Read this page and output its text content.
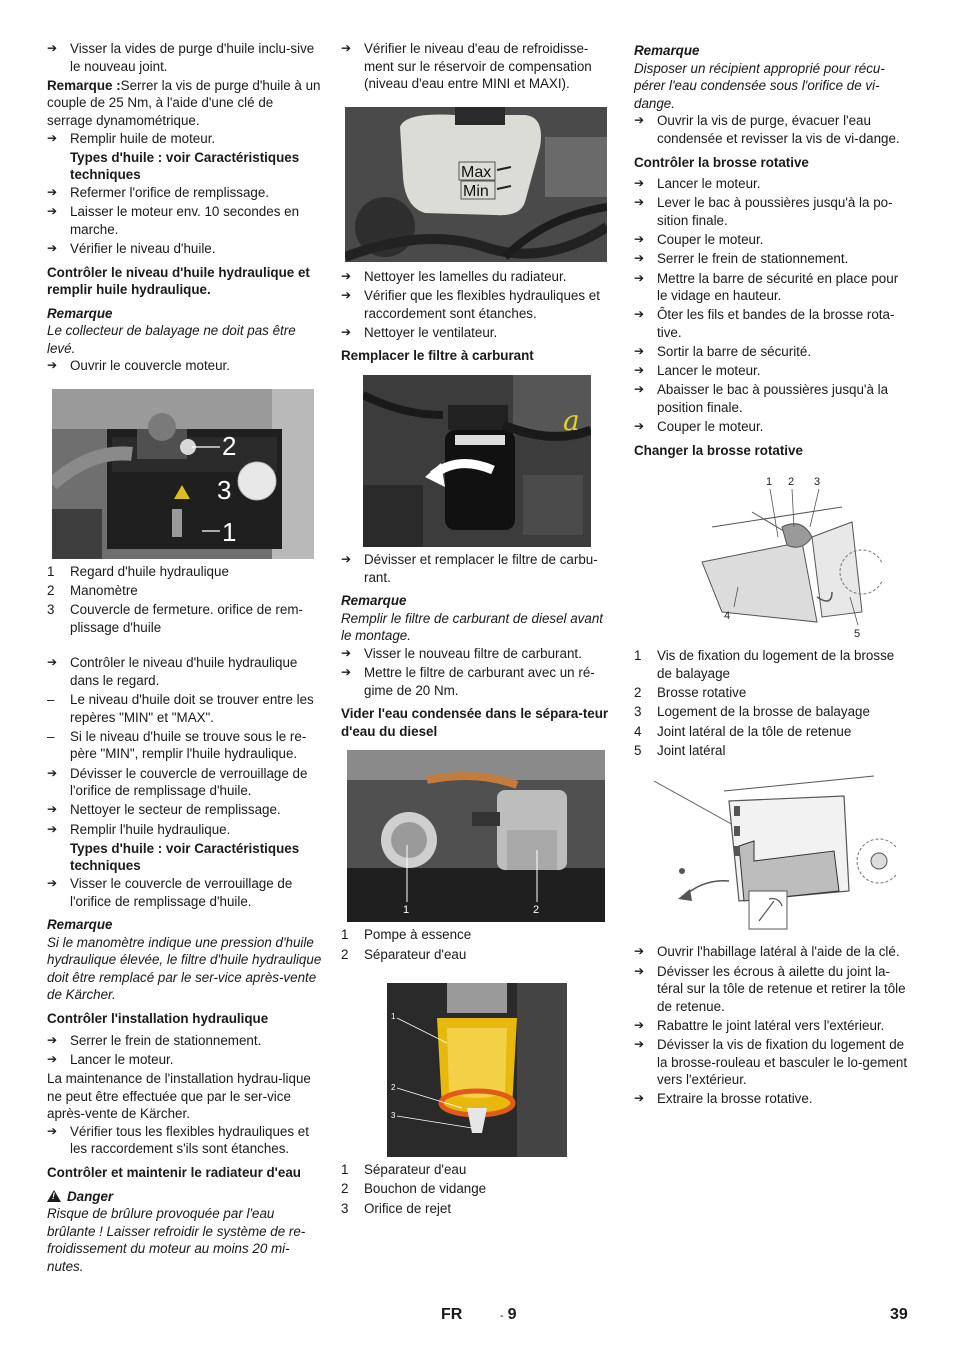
➔ Visser la vides de purge d'huile inclu-sive le nouveau joint.
Remarque :Serrer la vis de purge d'huile à un couple de 25 Nm, à l'aide d'une clé de serrage dynamométrique.
➔ Remplir huile de moteur.
Types d'huile : voir Caractéristiques techniques
➔ Refermer l'orifice de remplissage.
➔ Laisser le moteur env. 10 secondes en marche.
➔ Vérifier le niveau d'huile.
Contrôler le niveau d'huile hydraulique et remplir huile hydraulique.
Remarque
Le collecteur de balayage ne doit pas être levé.
➔ Ouvrir le couvercle moteur.
2
3
1
1	Regard d'huile hydraulique
2	Manomètre
3	Couvercle de fermeture. orifice de rem-plissage d'huile
➔ Contrôler le niveau d'huile hydraulique dans le regard.
–	Le niveau d'huile doit se trouver entre les repères "MIN" et "MAX".
–	Si le niveau d'huile se trouve sous le re-père "MIN", remplir l'huile hydraulique.
➔ Dévisser le couvercle de verrouillage de l'orifice de remplissage d'huile.
➔ Nettoyer le secteur de remplissage.
➔ Remplir l'huile hydraulique.
Types d'huile : voir Caractéristiques techniques
➔ Visser le couvercle de verrouillage de l'orifice de remplissage d'huile.
Remarque
Si le manomètre indique une pression d'huile hydraulique élevée, le filtre d'huile hydraulique doit être remplacé par le ser-vice après-vente de Kärcher.
Contrôler l'installation hydraulique
➔ Serrer le frein de stationnement.
➔ Lancer le moteur.
La maintenance de l'installation hydrau-lique ne peut être effectuée que par le ser-vice après-vente de Kärcher.
➔ Vérifier tous les flexibles hydrauliques et les raccordement s'ils sont étanches.
Contrôler et maintenir le radiateur d'eau
!Danger
Risque de brûlure provoquée par l'eau brûlante ! Laisser refroidir le système de re-froidissement du moteur au moins 20 mi-nutes.
➔ Vérifier le niveau d'eau de refroidisse-ment sur le réservoir de compensation (niveau d'eau entre MINI et MAXI).
Max
Min
➔ Nettoyer les lamelles du radiateur.
➔ Vérifier que les flexibles hydrauliques et raccordement sont étanches.
➔ Nettoyer le ventilateur.
Remplacer le filtre à carburant
a
➔ Dévisser et remplacer le filtre de carbu-rant.
Remarque
Remplir le filtre de carburant de diesel avant le montage.
➔ Visser le nouveau filtre de carburant.
➔ Mettre le filtre de carburant avec un ré-gime de 20 Nm.
Vider l'eau condensée dans le sépara-teur d'eau du diesel
1	2
1	Pompe à essence
2	Séparateur d'eau
1
2
3
1	Séparateur d'eau
2	Bouchon de vidange
3	Orifice de rejet
Remarque
Disposer un récipient approprié pour récu-pérer l'eau condensée sous l'orifice de vi-dange.
➔ Ouvrir la vis de purge, évacuer l'eau condensée et revisser la vis de vi-dange.
Contrôler la brosse rotative
➔ Lancer le moteur.
➔ Lever le bac à poussières jusqu'à la po-sition finale.
➔ Couper le moteur.
➔ Serrer le frein de stationnement.
➔ Mettre la barre de sécurité en place pour le vidage en hauteur.
➔ Ôter les fils et bandes de la brosse rota-tive.
➔ Sortir la barre de sécurité.
➔ Lancer le moteur.
➔ Abaisser le bac à poussières jusqu'à la position finale.
➔ Couper le moteur.
Changer la brosse rotative
1 2 3
4
5
1	Vis de fixation du logement de la brosse de balayage
2	Brosse rotative
3	Logement de la brosse de balayage
4	Joint latéral de la tôle de retenue
5	Joint latéral
➔ Ouvrir l'habillage latéral à l'aide de la clé.
➔ Dévisser les écrous à ailette du joint la-téral sur la tôle de retenue et retirer la tôle de retenue.
➔ Rabattre le joint latéral vers l'extérieur.
➔ Dévisser la vis de fixation du logement de la brosse-rouleau et basculer le lo-gement vers l'extérieur.
➔ Extraire la brosse rotative.
FR	- 9	39
